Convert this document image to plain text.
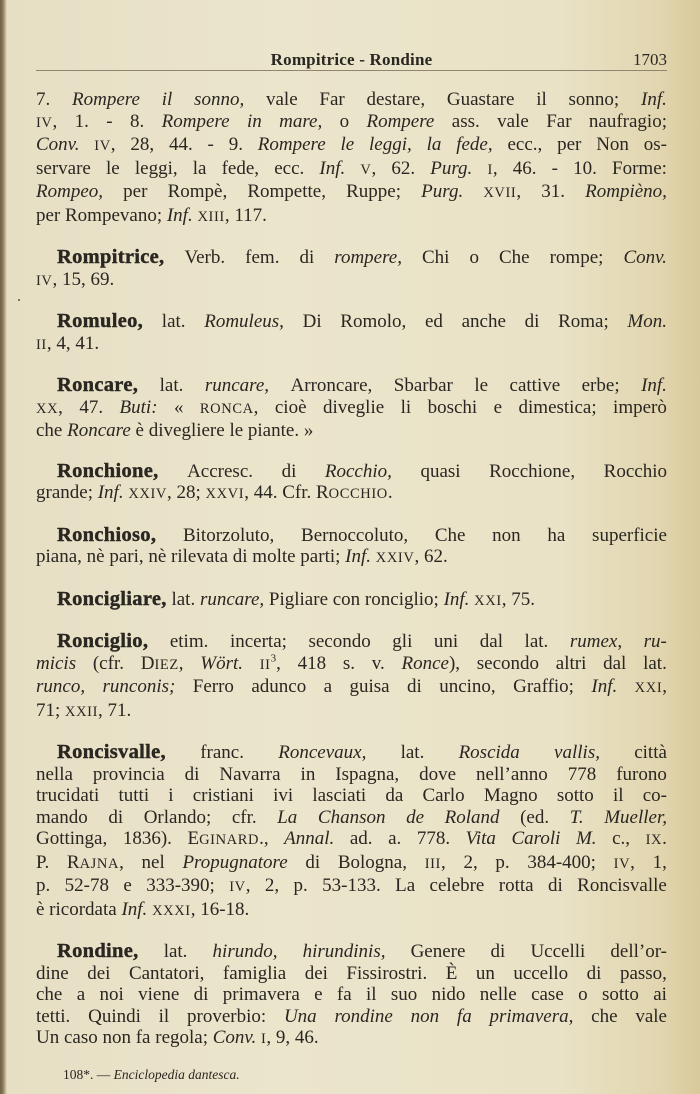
Rompitrice - Rondine	1703
7. Rompere il sonno, vale Far destare, Guastare il sonno; Inf.
IV, 1. - 8. Rompere in mare, o Rompere ass. vale Far naufragio;
Conv. IV, 28, 44. - 9. Rompere le leggi, la fede, ecc., per Non os-
servare le leggi, la fede, ecc. Inf. V, 62. Purg. I, 46. - 10. Forme:
Rompeo, per Rompè, Rompette, Ruppe; Purg. XVII, 31. Rompièno,
per Rompevano; Inf.
XIII , 117.
Rompitrice, Verb. fem. di rompere, Chi o Che rompe; Conv.
IV , 15, 69.
Romuleo, lat. Romuleus, Di Romolo, ed anche di Roma; Mon.
II , 4, 41.
Roncare, lat. runcare, Arroncare, Sbarbar le cattive erbe; Inf.
XX, 47. Buti: « RONCA, cioè diveglie li boschi e dimestica; imperò
che Roncare è divegliere le piante. »
Ronchione, Accresc. di Rocchio, quasi Rocchione, Rocchio
grande; Inf.
XXIV , 28; XXVI , 44. Cfr. R OCCHIO .
Ronchioso, Bitorzoluto, Bernoccoluto, Che non ha superficie
piana, nè pari, nè rilevata di molte parti; Inf.
XXIV , 62.
Roncigliare, lat. runcare, Pigliare con ronciglio; Inf.
XXI , 75.
Ronciglio, etim. incerta; secondo gli uni dal lat. rumex, ru-
micis (cfr. DIEZ, Wört. $II^3$, 418 s. v. Ronce), secondo altri dal lat.
runco, runconis; Ferro adunco a guisa di uncino, Graffio; Inf. XXI,
71; XXII , 71.
Roncisvalle, franc. Roncevaux, lat. Roscida vallis, città
nella provincia di Navarra in Ispagna, dove nell’anno 778 furono
trucidati tutti i cristiani ivi lasciati da Carlo Magno sotto il co-
mando di Orlando; cfr. La Chanson de Roland (ed. T. Mueller,
Gottinga, 1836). EGINARD., Annal. ad. a. 778. Vita Caroli M. c., IX.
P. RAJNA, nel Propugnatore di Bologna, III, 2, p. 384-400; IV, 1,
p. 52-78 e 333-390; IV, 2, p. 53-133. La celebre rotta di Roncisvalle
è ricordata Inf.
XXXI , 16-18.
Rondine, lat. hirundo, hirundinis, Genere di Uccelli dell’or-
dine dei Cantatori, famiglia dei Fissirostri. È un uccello di passo,
che a noi viene di primavera e fa il suo nido nelle case o sotto ai
tetti. Quindi il proverbio: Una rondine non fa primavera, che vale
Un caso non fa regola; Conv.
I , 9, 46.
108*. — Enciclopedia dantesca.
